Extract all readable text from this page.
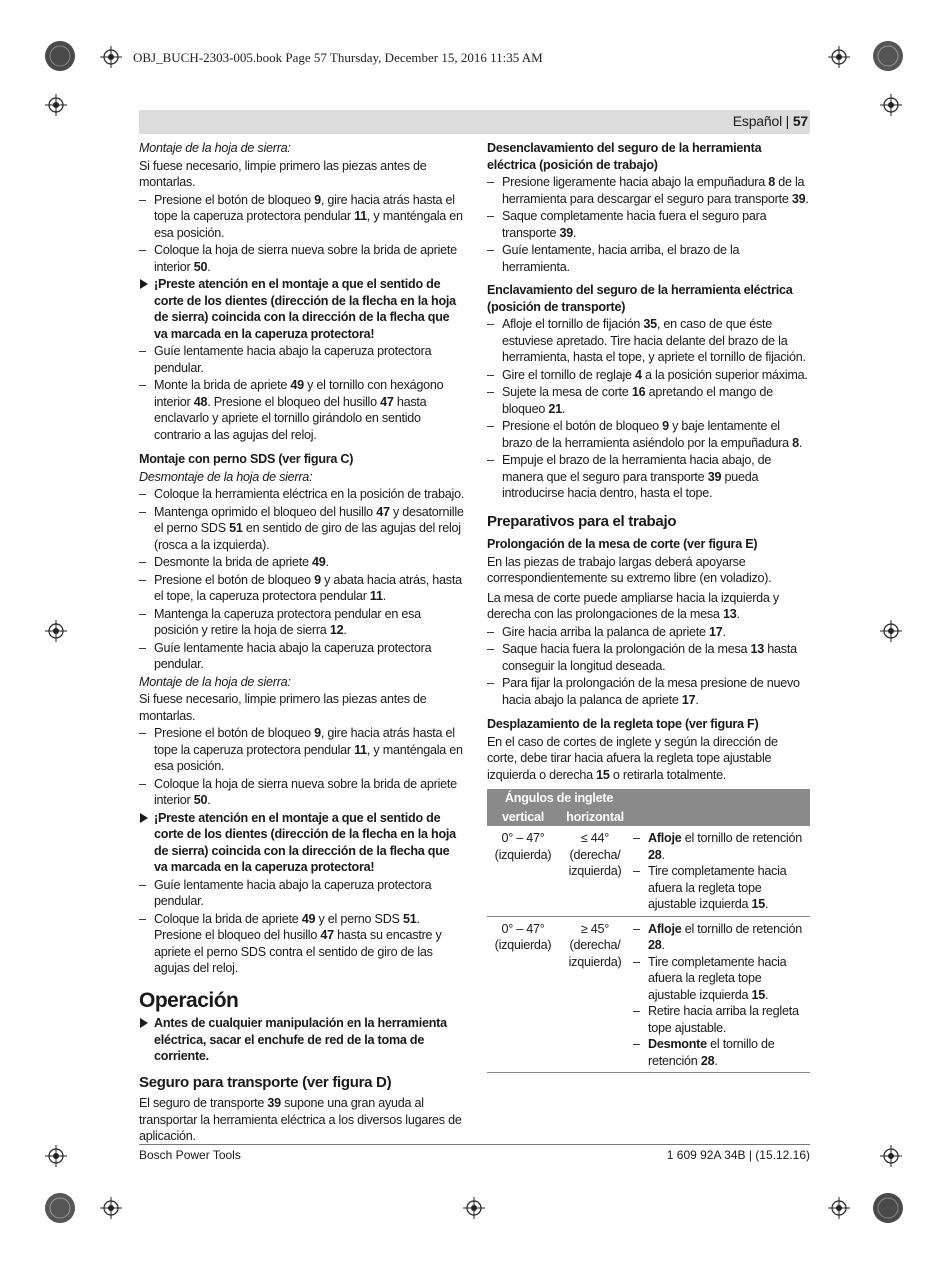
OBJ_BUCH-2303-005.book Page 57 Thursday, December 15, 2016 11:35 AM
Español | 57

Montaje de la hoja de sierra:

Si fuese necesario, limpie primero las piezas antes de montarlas.

– Presione el botón de bloqueo 9, gire hacia atrás hasta el tope la caperuza protectora pendular 11, y manténgala en esa posición.

– Coloque la hoja de sierra nueva sobre la brida de apriete interior 50.

¡Preste atención en el montaje a que el sentido de corte de los dientes (dirección de la flecha en la hoja de sierra) coincida con la dirección de la flecha que va marcada en la caperuza protectora!

– Guíe lentamente hacia abajo la caperuza protectora pendular.

– Monte la brida de apriete 49 y el tornillo con hexágono interior 48. Presione el bloqueo del husillo 47 hasta enclavarlo y apriete el tornillo girándolo en sentido contrario a las agujas del reloj.

Montaje con perno SDS (ver figura C)

Desmontaje de la hoja de sierra:

– Coloque la herramienta eléctrica en la posición de trabajo.

– Mantenga oprimido el bloqueo del husillo 47 y desatornille el perno SDS 51 en sentido de giro de las agujas del reloj (rosca a la izquierda).

– Desmonte la brida de apriete 49.

– Presione el botón de bloqueo 9 y abata hacia atrás, hasta el tope, la caperuza protectora pendular 11.

– Mantenga la caperuza protectora pendular en esa posición y retire la hoja de sierra 12.

– Guíe lentamente hacia abajo la caperuza protectora pendular.

Montaje de la hoja de sierra:

Si fuese necesario, limpie primero las piezas antes de montarlas.

– Presione el botón de bloqueo 9, gire hacia atrás hasta el tope la caperuza protectora pendular 11, y manténgala en esa posición.

– Coloque la hoja de sierra nueva sobre la brida de apriete interior 50.

¡Preste atención en el montaje a que el sentido de corte de los dientes (dirección de la flecha en la hoja de sierra) coincida con la dirección de la flecha que va marcada en la caperuza protectora!

– Guíe lentamente hacia abajo la caperuza protectora pendular.

– Coloque la brida de apriete 49 y el perno SDS 51. Presione el bloqueo del husillo 47 hasta su encastre y apriete el perno SDS contra el sentido de giro de las agujas del reloj.

Operación

Antes de cualquier manipulación en la herramienta eléctrica, sacar el enchufe de red de la toma de corriente.

Seguro para transporte (ver figura D)

El seguro de transporte 39 supone una gran ayuda al transportar la herramienta eléctrica a los diversos lugares de aplicación.

Desenclavamiento del seguro de la herramienta eléctrica (posición de trabajo)

– Presione ligeramente hacia abajo la empuñadura 8 de la herramienta para descargar el seguro para transporte 39.

– Saque completamente hacia fuera el seguro para transporte 39.

– Guíe lentamente, hacia arriba, el brazo de la herramienta.

Enclavamiento del seguro de la herramienta eléctrica (posición de transporte)

– Afloje el tornillo de fijación 35, en caso de que éste estuviese apretado. Tire hacia delante del brazo de la herramienta, hasta el tope, y apriete el tornillo de fijación.

– Gire el tornillo de reglaje 4 a la posición superior máxima.

– Sujete la mesa de corte 16 apretando el mango de bloqueo 21.

– Presione el botón de bloqueo 9 y baje lentamente el brazo de la herramienta asiéndolo por la empuñadura 8.

– Empuje el brazo de la herramienta hacia abajo, de manera que el seguro para transporte 39 pueda introducirse hacia dentro, hasta el tope.

Preparativos para el trabajo

Prolongación de la mesa de corte (ver figura E)

En las piezas de trabajo largas deberá apoyarse correspondientemente su extremo libre (en voladizo).

La mesa de corte puede ampliarse hacia la izquierda y derecha con las prolongaciones de la mesa 13.

– Gire hacia arriba la palanca de apriete 17.

– Saque hacia fuera la prolongación de la mesa 13 hasta conseguir la longitud deseada.

– Para fijar la prolongación de la mesa presione de nuevo hacia abajo la palanca de apriete 17.

Desplazamiento de la regleta tope (ver figura F)

En el caso de cortes de inglete y según la dirección de corte, debe tirar hacia afuera la regleta tope ajustable izquierda o derecha 15 o retirarla totalmente.

Ángulos de inglete		
vertical	horizontal	
0° – 47° (izquierda)	≤ 44° (derecha/ izquierda)	– Afloje el tornillo de retención 28.

– Tire completamente hacia afuera la regleta tope ajustable izquierda 15.

0° – 47° (izquierda)	≥ 45° (derecha/ izquierda)	– Afloje el tornillo de retención 28.

– Tire completamente hacia afuera la regleta tope ajustable izquierda 15.

– Retire hacia arriba la regleta tope ajustable.

– Desmonte el tornillo de retención 28.

Bosch Power Tools	1 609 92A 34B | (15.12.16)
